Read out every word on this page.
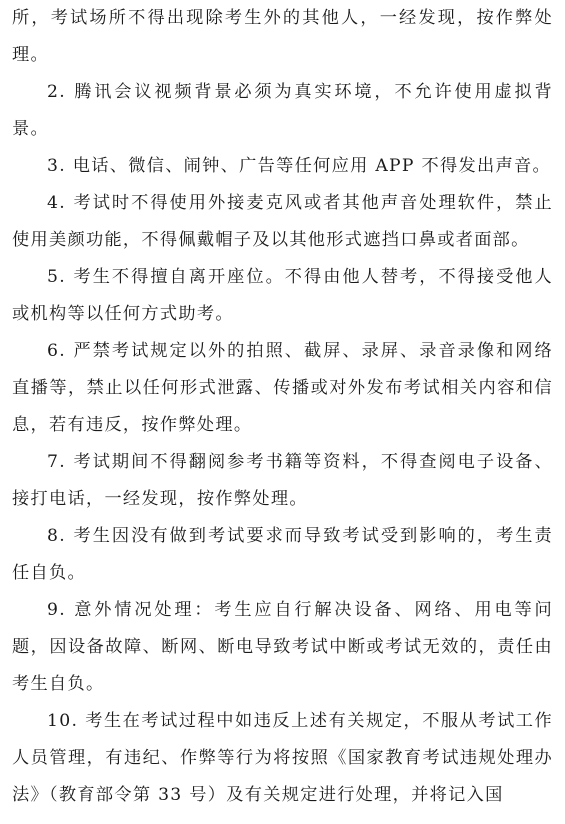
所，考试场所不得出现除考生外的其他人，一经发现，按作弊处理。

2. 腾讯会议视频背景必须为真实环境，不允许使用虚拟背景。

3. 电话、微信、闹钟、广告等任何应用 APP 不得发出声音。

4. 考试时不得使用外接麦克风或者其他声音处理软件，禁止使用美颜功能，不得佩戴帽子及以其他形式遮挡口鼻或者面部。

5. 考生不得擅自离开座位。不得由他人替考，不得接受他人或机构等以任何方式助考。

6. 严禁考试规定以外的拍照、截屏、录屏、录音录像和网络直播等，禁止以任何形式泄露、传播或对外发布考试相关内容和信息，若有违反，按作弊处理。

7. 考试期间不得翻阅参考书籍等资料，不得查阅电子设备、接打电话，一经发现，按作弊处理。

8. 考生因没有做到考试要求而导致考试受到影响的，考生责任自负。

9. 意外情况处理：考生应自行解决设备、网络、用电等问题，因设备故障、断网、断电导致考试中断或考试无效的，责任由考生自负。

10. 考生在考试过程中如违反上述有关规定，不服从考试工作人员管理，有违纪、作弊等行为将按照《国家教育考试违规处理办法》（教育部令第 33 号）及有关规定进行处理，并将记入国
